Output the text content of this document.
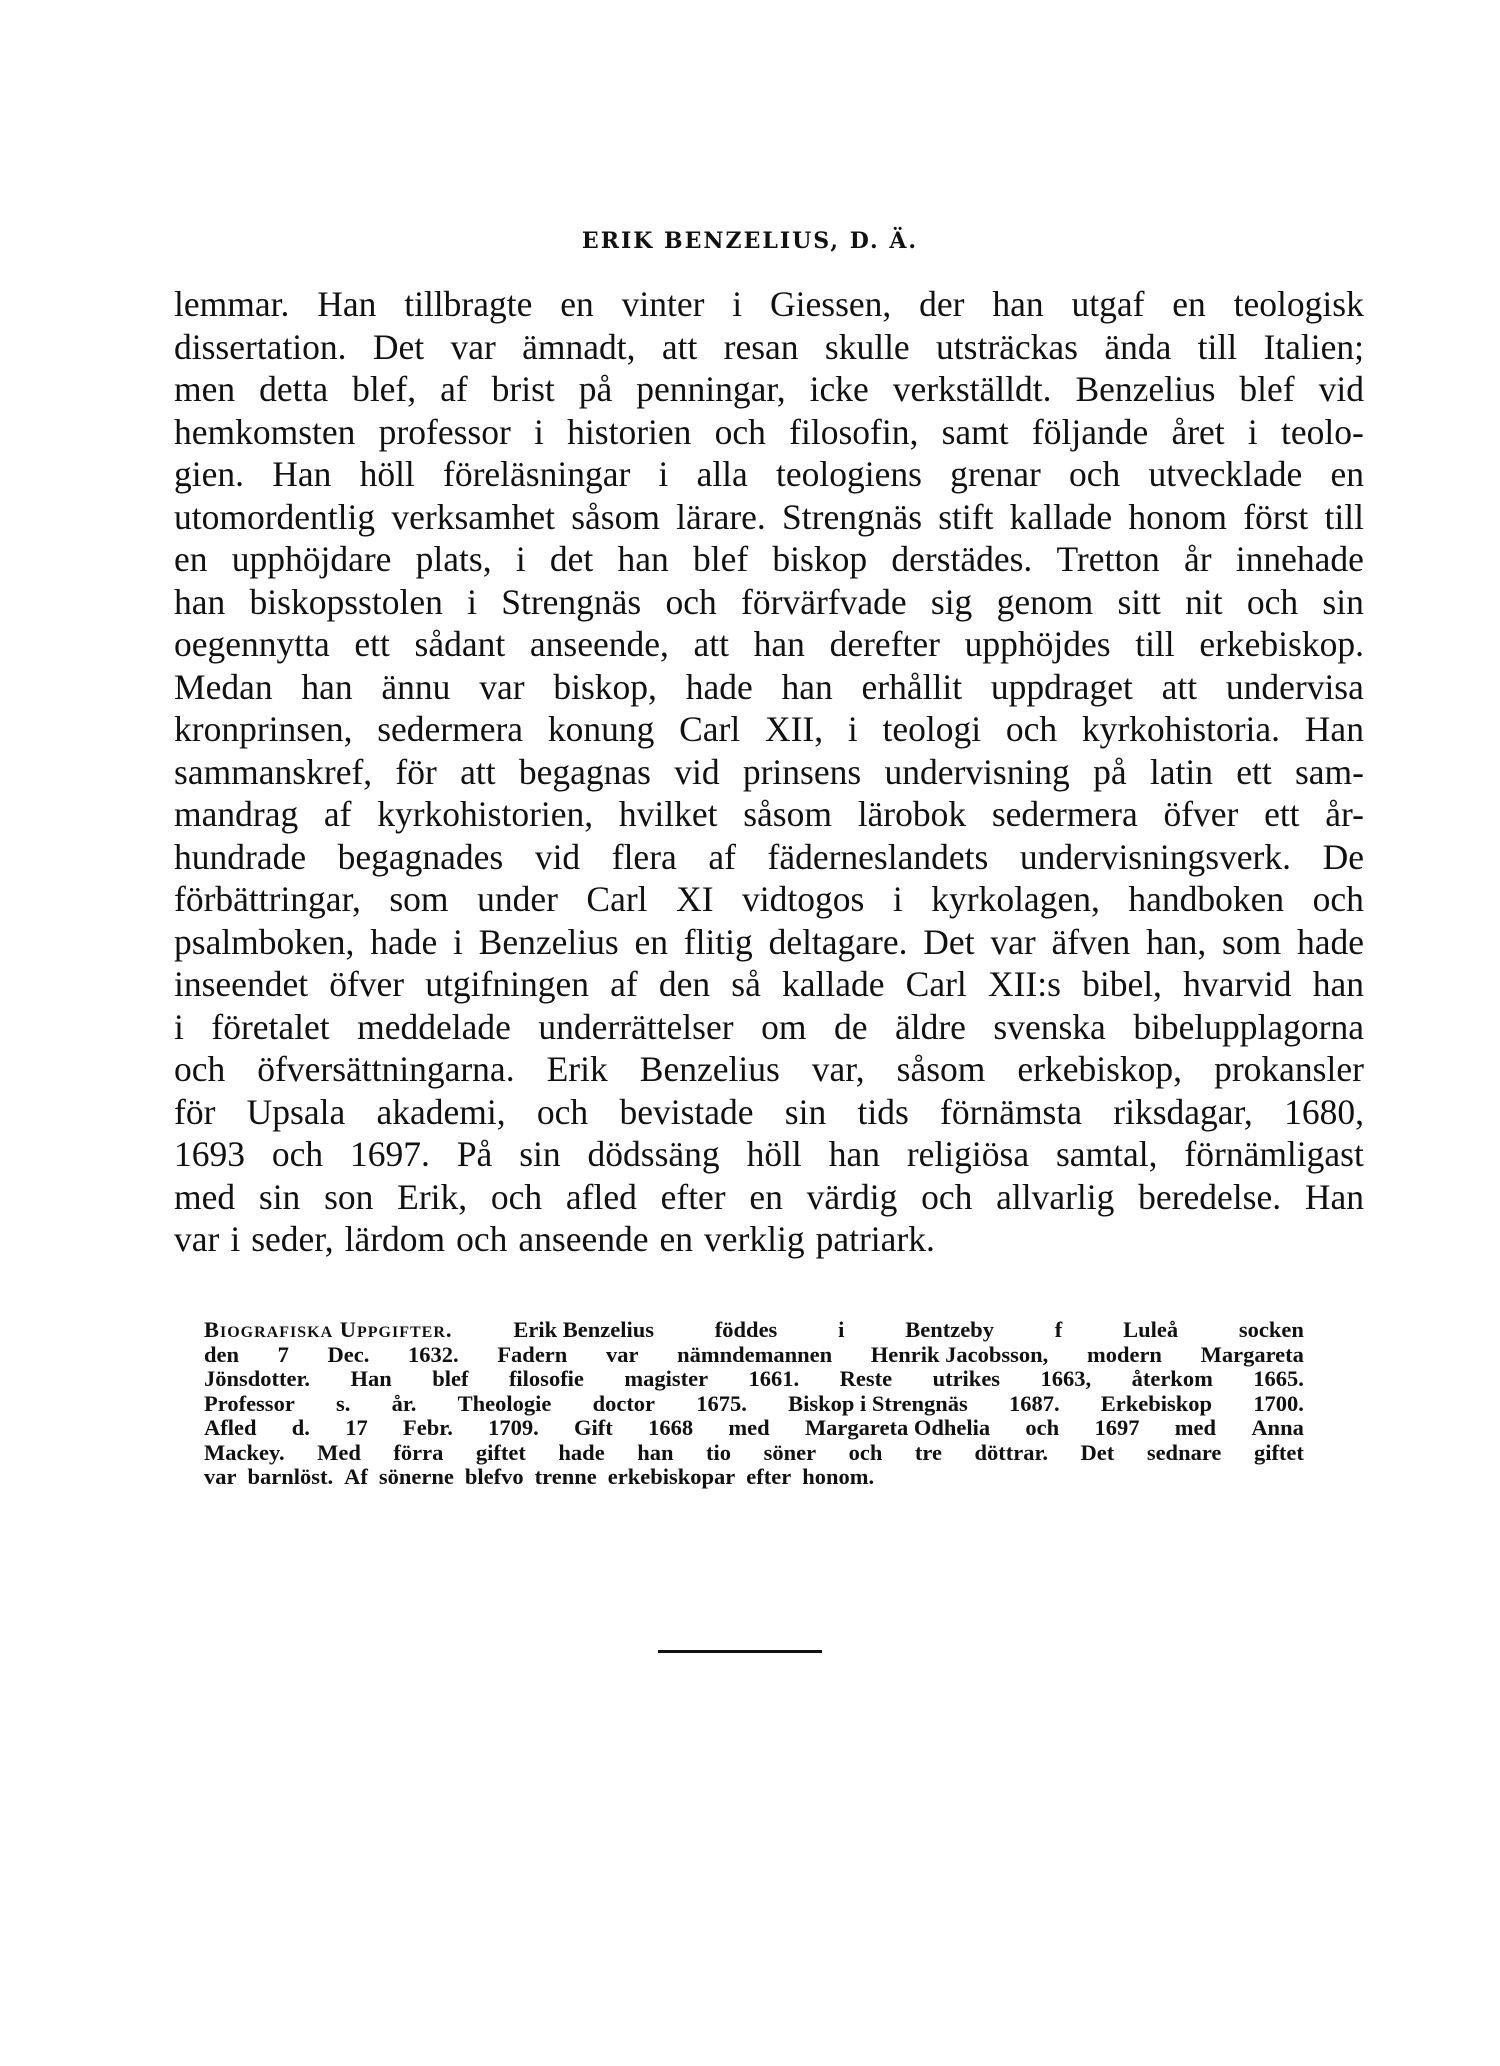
ERIK BENZELIUS, D. Ä.
lemmar. Han tillbragte en vinter i Giessen, der han utgaf en teologisk
dissertation. Det var ämnadt, att resan skulle utsträckas ända till Italien;
men detta blef, af brist på penningar, icke verkställdt. Benzelius blef vid
hemkomsten professor i historien och filosofin, samt följande året i teolo-
gien. Han höll föreläsningar i alla teologiens grenar och utvecklade en
utomordentlig verksamhet såsom lärare. Strengnäs stift kallade honom först till
en upphöjdare plats, i det han blef biskop derstädes. Tretton år innehade
han biskopsstolen i Strengnäs och förvärfvade sig genom sitt nit och sin
oegennytta ett sådant anseende, att han derefter upphöjdes till erkebiskop.
Medan han ännu var biskop, hade han erhållit uppdraget att undervisa
kronprinsen, sedermera konung Carl XII, i teologi och kyrkohistoria. Han
sammanskref, för att begagnas vid prinsens undervisning på latin ett sam-
mandrag af kyrkohistorien, hvilket såsom lärobok sedermera öfver ett år-
hundrade begagnades vid flera af fäderneslandets undervisningsverk. De
förbättringar, som under Carl XI vidtogos i kyrkolagen, handboken och
psalmboken, hade i Benzelius en flitig deltagare. Det var äfven han, som hade
inseendet öfver utgifningen af den så kallade Carl XII:s bibel, hvarvid han
i företalet meddelade underrättelser om de äldre svenska bibelupplagorna
och öfversättningarna. Erik Benzelius var, såsom erkebiskop, prokansler
för Upsala akademi, och bevistade sin tids förnämsta riksdagar, 1680,
1693 och 1697. På sin dödssäng höll han religiösa samtal, förnämligast
med sin son Erik, och afled efter en värdig och allvarlig beredelse. Han
var i seder, lärdom och anseende en verklig patriark.
Biografiska Uppgifter.	Erik Benzelius	föddes	i	Bentzeby	f	Luleå	socken
den 7 Dec. 1632. Fadern var nämndemannen Henrik Jacobsson, modern Margareta
Jönsdotter. Han blef filosofie magister 1661. Reste utrikes 1663, återkom 1665.
Professor s. år. Theologie doctor 1675. Biskop i Strengnäs 1687. Erkebiskop 1700.
Afled d. 17 Febr. 1709. Gift 1668 med Margareta Odhelia och 1697 med Anna
Mackey. Med förra giftet hade han tio söner och tre döttrar. Det sednare giftet
var barnlöst. Af sönerne blefvo trenne erkebiskopar efter honom.
